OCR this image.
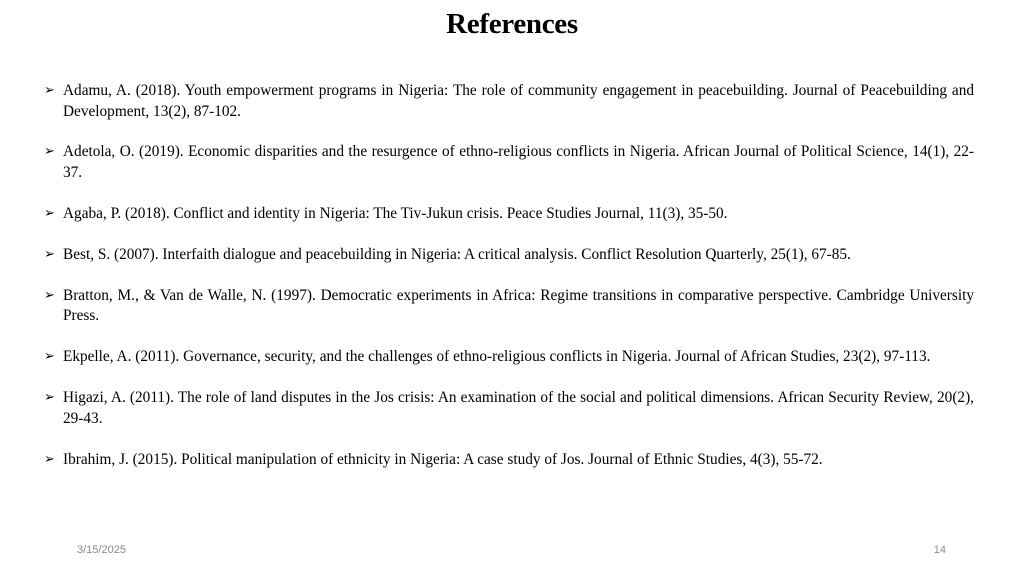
References
➢ Adamu, A. (2018). Youth empowerment programs in Nigeria: The role of community engagement in peacebuilding. Journal of Peacebuilding and Development, 13(2), 87-102.
➢ Adetola, O. (2019). Economic disparities and the resurgence of ethno-religious conflicts in Nigeria. African Journal of Political Science, 14(1), 22-37.
➢ Agaba, P. (2018). Conflict and identity in Nigeria: The Tiv-Jukun crisis. Peace Studies Journal, 11(3), 35-50.
➢ Best, S. (2007). Interfaith dialogue and peacebuilding in Nigeria: A critical analysis. Conflict Resolution Quarterly, 25(1), 67-85.
➢ Bratton, M., & Van de Walle, N. (1997). Democratic experiments in Africa: Regime transitions in comparative perspective. Cambridge University Press.
➢ Ekpelle, A. (2011). Governance, security, and the challenges of ethno-religious conflicts in Nigeria. Journal of African Studies, 23(2), 97-113.
➢ Higazi, A. (2011). The role of land disputes in the Jos crisis: An examination of the social and political dimensions. African Security Review, 20(2), 29-43.
➢ Ibrahim, J. (2015). Political manipulation of ethnicity in Nigeria: A case study of Jos. Journal of Ethnic Studies, 4(3), 55-72.
3/15/2025	14
